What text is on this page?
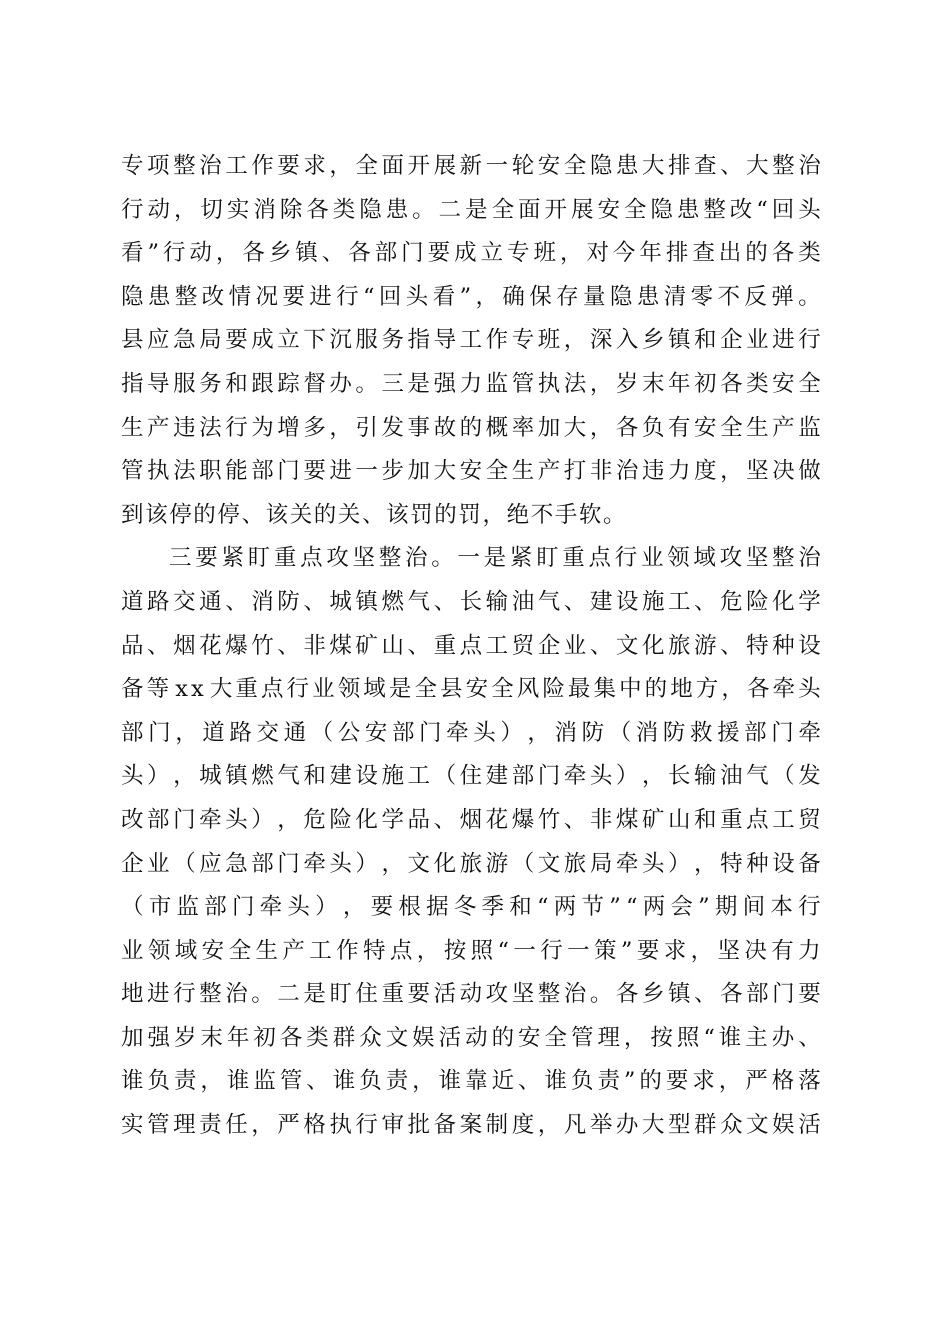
专 项 整 治 工 作 要 求 ， 全 面 开 展 新 一 轮 安 全 隐 患 大 排 查 、 大 整 治
行 动 ， 切 实 消 除 各 类 隐 患 。 二 是 全 面 开 展 安 全 隐 患 整 改 “ 回 头
看 ” 行 动 ， 各 乡 镇 、 各 部 门 要 成 立 专 班 ， 对 今 年 排 查 出 的 各 类
隐 患 整 改 情 况 要 进 行 “ 回 头 看 ” ， 确 保 存 量 隐 患 清 零 不 反 弹 。
县 应 急 局 要 成 立 下 沉 服 务 指 导 工 作 专 班 ， 深 入 乡 镇 和 企 业 进 行
指 导 服 务 和 跟 踪 督 办 。 三 是 强 力 监 管 执 法 ， 岁 末 年 初 各 类 安 全
生 产 违 法 行 为 增 多 ， 引 发 事 故 的 概 率 加 大 ， 各 负 有 安 全 生 产 监
管 执 法 职 能 部 门 要 进 一 步 加 大 安 全 生 产 打 非 治 违 力 度 ， 坚 决 做
到该停的停、该关的关、该罚的罚，绝不手软。
三 要 紧 盯 重 点 攻 坚 整 治 。 一 是 紧 盯 重 点 行 业 领 域 攻 坚 整 治
道 路 交 通 、 消 防 、 城 镇 燃 气 、 长 输 油 气 、 建 设 施 工 、 危 险 化 学
品 、 烟 花 爆 竹 、 非 煤 矿 山 、 重 点 工 贸 企 业 、 文 化 旅 游 、 特 种 设
备 等 x x 大 重 点 行 业 领 域 是 全 县 安 全 风 险 最 集 中 的 地 方 ， 各 牵 头
部 门 ， 道 路 交 通 （ 公 安 部 门 牵 头 ） ， 消 防 （ 消 防 救 援 部 门 牵
头 ） ， 城 镇 燃 气 和 建 设 施 工 （ 住 建 部 门 牵 头 ） ， 长 输 油 气 （ 发
改 部 门 牵 头 ） ， 危 险 化 学 品 、 烟 花 爆 竹 、 非 煤 矿 山 和 重 点 工 贸
企 业 （ 应 急 部 门 牵 头 ） ， 文 化 旅 游 （ 文 旅 局 牵 头 ） ， 特 种 设 备
（ 市 监 部 门 牵 头 ） ， 要 根 据 冬 季 和 “ 两 节 ” “ 两 会 ” 期 间 本 行
业 领 域 安 全 生 产 工 作 特 点 ， 按 照 “ 一 行 一 策 ” 要 求 ， 坚 决 有 力
地 进 行 整 治 。 二 是 盯 住 重 要 活 动 攻 坚 整 治 。 各 乡 镇 、 各 部 门 要
加 强 岁 末 年 初 各 类 群 众 文 娱 活 动 的 安 全 管 理 ， 按 照 “ 谁 主 办 、
谁 负 责 ， 谁 监 管 、 谁 负 责 ， 谁 靠 近 、 谁 负 责 ” 的 要 求 ， 严 格 落
实 管 理 责 任 ， 严 格 执 行 审 批 备 案 制 度 ， 凡 举 办 大 型 群 众 文 娱 活
